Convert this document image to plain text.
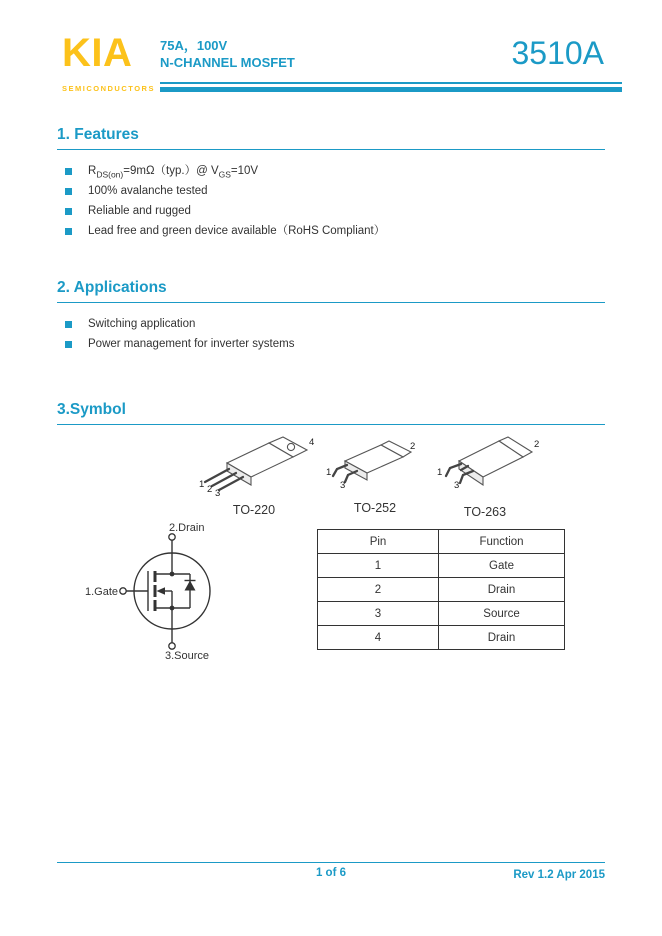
KIA
SEMICONDUCTORS
75A，100V
N-CHANNEL MOSFET	3510A
1. Features
$R_{DS(on)}=9m\Omega(typ.)@$ $V_{GS}=10V$
100% avalanche tested
Reliable and rugged
Lead free and green device available（RoHS Compliant）
2. Applications
Switching application
Power management for inverter systems
3.Symbol
1 2 3
4
TO-220
1
3
2
TO-252
1
3
2
TO-263
2.Drain
1.Gate
3.Source
Pin	Function
1	Gate
2	Drain
3	Source
4	Drain
1 of 6	Rev 1.2 Apr 2015
